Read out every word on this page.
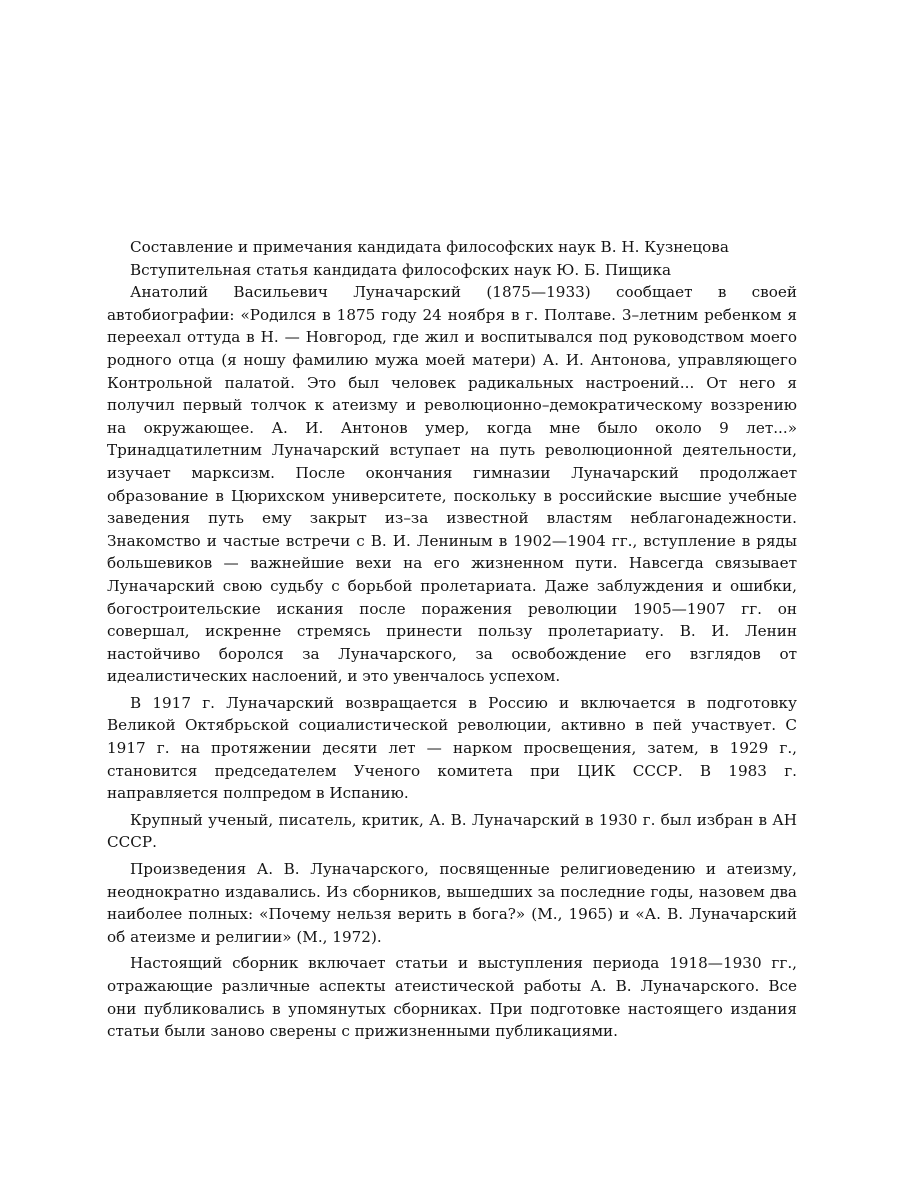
Составление и примечания кандидата философских наук В. Н. Кузнецова
Вступительная статья кандидата философских наук Ю. Б. Пищика

Анатолий Васильевич Луначарский (1875—1933) сообщает в своей автобиографии: «Родился в 1875 году 24 ноября в г. Полтаве. 3–летним ребенком я переехал оттуда в Н. — Новгород, где жил и воспитывался под руководством моего родного отца (я ношу фамилию мужа моей матери) А. И. Антонова, управляющего Контрольной палатой. Это был человек радикальных настроений... От него я получил первый толчок к атеизму и революционно–демократическому воззрению на окружающее. А. И. Антонов умер, когда мне было около 9 лет...» Тринадцатилетним Луначарский вступает на путь революционной деятельности, изучает марксизм. После окончания гимназии Луначарский продолжает образование в Цюрихском университете, поскольку в российские высшие учебные заведения путь ему закрыт из–за известной властям неблагонадежности. Знакомство и частые встречи с В. И. Лениным в 1902—1904 гг., вступление в ряды большевиков — важнейшие вехи на его жизненном пути. Навсегда связывает Луначарский свою судьбу с борьбой пролетариата. Даже заблуждения и ошибки, богостроительские искания после поражения революции 1905—1907 гг. он совершал, искренне стремясь принести пользу пролетариату. В. И. Ленин настойчиво боролся за Луначарского, за освобождение его взглядов от идеалистических наслоений, и это увенчалось успехом.

В 1917 г. Луначарский возвращается в Россию и включается в подготовку Великой Октябрьской социалистической революции, активно в пей участвует. С 1917 г. на протяжении десяти лет — нарком просвещения, затем, в 1929 г., становится председателем Ученого комитета при ЦИК СССР. В 1983 г. направляется полпредом в Испанию.

Крупный ученый, писатель, критик, А. В. Луначарский в 1930 г. был избран в АН СССР.

Произведения А. В. Луначарского, посвященные религиоведению и атеизму, неоднократно издавались. Из сборников, вышедших за последние годы, назовем два наиболее полных: «Почему нельзя верить в бога?» (М., 1965) и «А. В. Луначарский об атеизме и религии» (М., 1972).

Настоящий сборник включает статьи и выступления периода 1918—1930 гг., отражающие различные аспекты атеистической работы А. В. Луначарского. Все они публиковались в упомянутых сборниках. При подготовке настоящего издания статьи были заново сверены с прижизненными публикациями.
